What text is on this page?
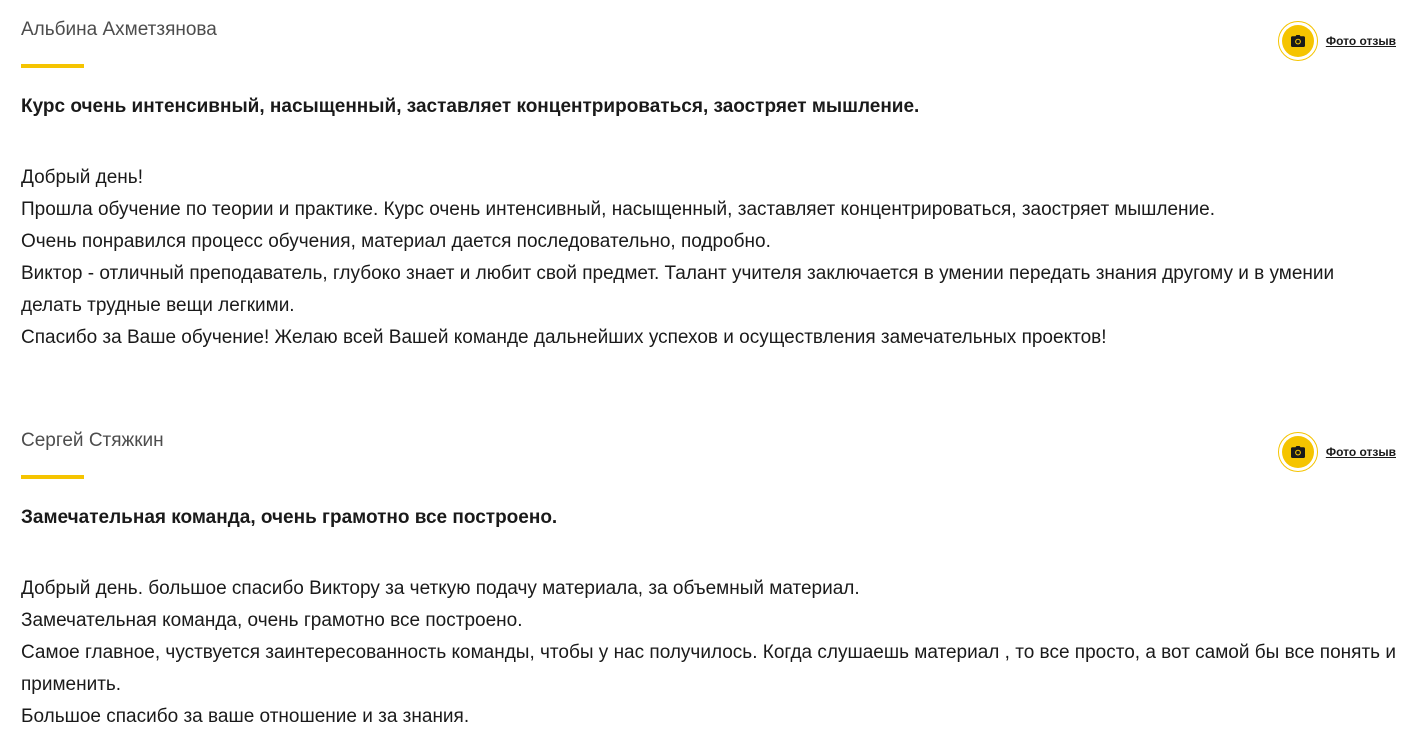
Альбина Ахметзянова

Курс очень интенсивный, насыщенный, заставляет концентрироваться, заостряет мышление.

Добрый день!

Прошла обучение по теории и практике. Курс очень интенсивный, насыщенный, заставляет концентрироваться, заостряет мышление.

Очень понравился процесс обучения, материал дается последовательно, подробно.

Виктор - отличный преподаватель, глубоко знает и любит свой предмет. Талант учителя заключается в умении передать знания другому и в умении делать трудные вещи легкими.

Спасибо за Ваше обучение! Желаю всей Вашей команде дальнейших успехов и осуществления замечательных проектов!

Фото отзыв
Сергей Стяжкин

Замечательная команда, очень грамотно все построено.

Добрый день. большое спасибо Виктору за четкую подачу материала, за объемный материал.

Замечательная команда, очень грамотно все построено.

Самое главное, чуствуется заинтересованность команды, чтобы у нас получилось. Когда слушаешь материал , то все просто, а вот самой бы все понять и применить.

Большое спасибо за ваше отношение и за знания.

Фото отзыв
